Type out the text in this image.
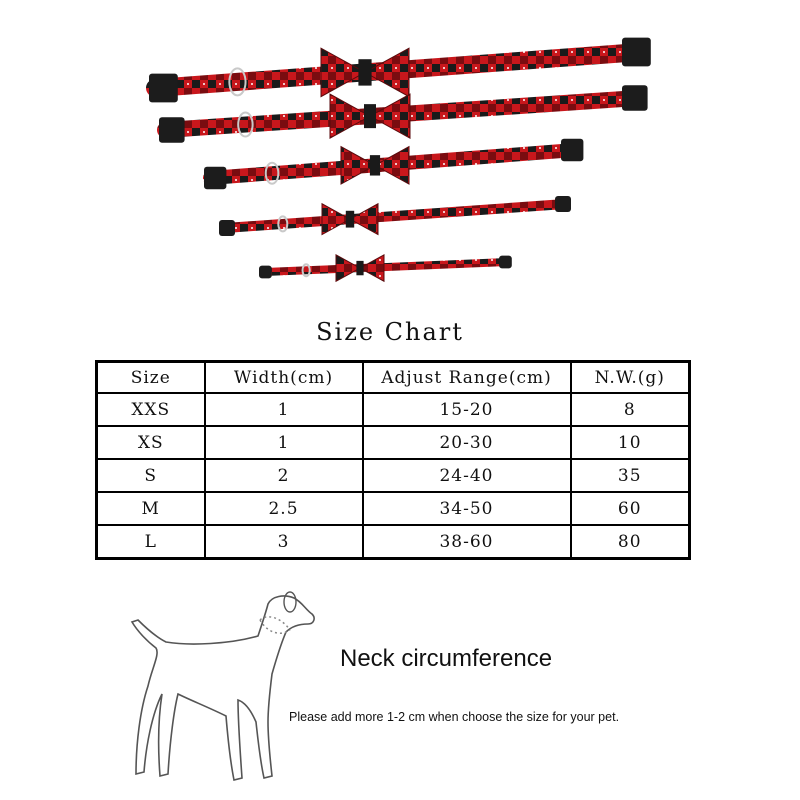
Size Chart
Size	Width(cm)	Adjust Range(cm)	N.W.(g)
XXS	1	15-20	8
XS	1	20-30	10
S	2	24-40	35
M	2.5	34-50	60
L	3	38-60	80
Neck circumference
Please add more 1-2 cm when choose the size for your pet.
